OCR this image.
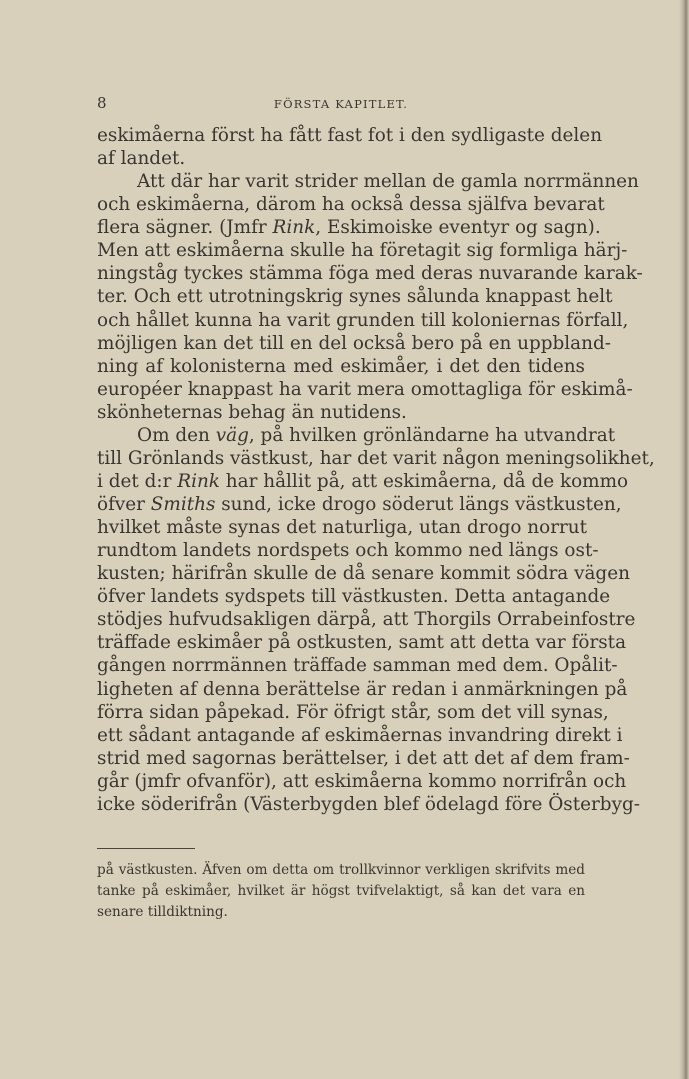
8	FÖRSTA KAPITLET.
eskimåerna först ha fått fast fot i den sydligaste delen
af landet.
Att där har varit strider mellan de gamla norrmännen
och eskimåerna, därom ha också dessa själfva bevarat
flera sägner. (Jmfr Rink, Eskimoiske eventyr og sagn).
Men att eskimåerna skulle ha företagit sig formliga härj-
ningståg tyckes stämma föga med deras nuvarande karak-
ter. Och ett utrotningskrig synes sålunda knappast helt
och hållet kunna ha varit grunden till koloniernas förfall,
möjligen kan det till en del också bero på en uppbland-
ning af kolonisterna med eskimåer, i det den tidens
européer knappast ha varit mera omottagliga för eskimå-
skönheternas behag än nutidens.
Om den väg, på hvilken grönländarne ha utvandrat
till Grönlands västkust, har det varit någon meningsolikhet,
i det d:r Rink har hållit på, att eskimåerna, då de kommo
öfver Smiths sund, icke drogo söderut längs västkusten,
hvilket måste synas det naturliga, utan drogo norrut
rundtom landets nordspets och kommo ned längs ost-
kusten; härifrån skulle de då senare kommit södra vägen
öfver landets sydspets till västkusten. Detta antagande
stödjes hufvudsakligen därpå, att Thorgils Orrabeinfostre
träffade eskimåer på ostkusten, samt att detta var första
gången norrmännen träffade samman med dem. Opålit-
ligheten af denna berättelse är redan i anmärkningen på
förra sidan påpekad. För öfrigt står, som det vill synas,
ett sådant antagande af eskimåernas invandring direkt i
strid med sagornas berättelser, i det att det af dem fram-
går (jmfr ofvanför), att eskimåerna kommo norrifrån och
icke söderifrån (Västerbygden blef ödelagd före Österbyg-
på västkusten. Äfven om detta om trollkvinnor verkligen skrifvits med
tanke på eskimåer, hvilket är högst tvifvelaktigt, så kan det vara en
senare tilldiktning.
